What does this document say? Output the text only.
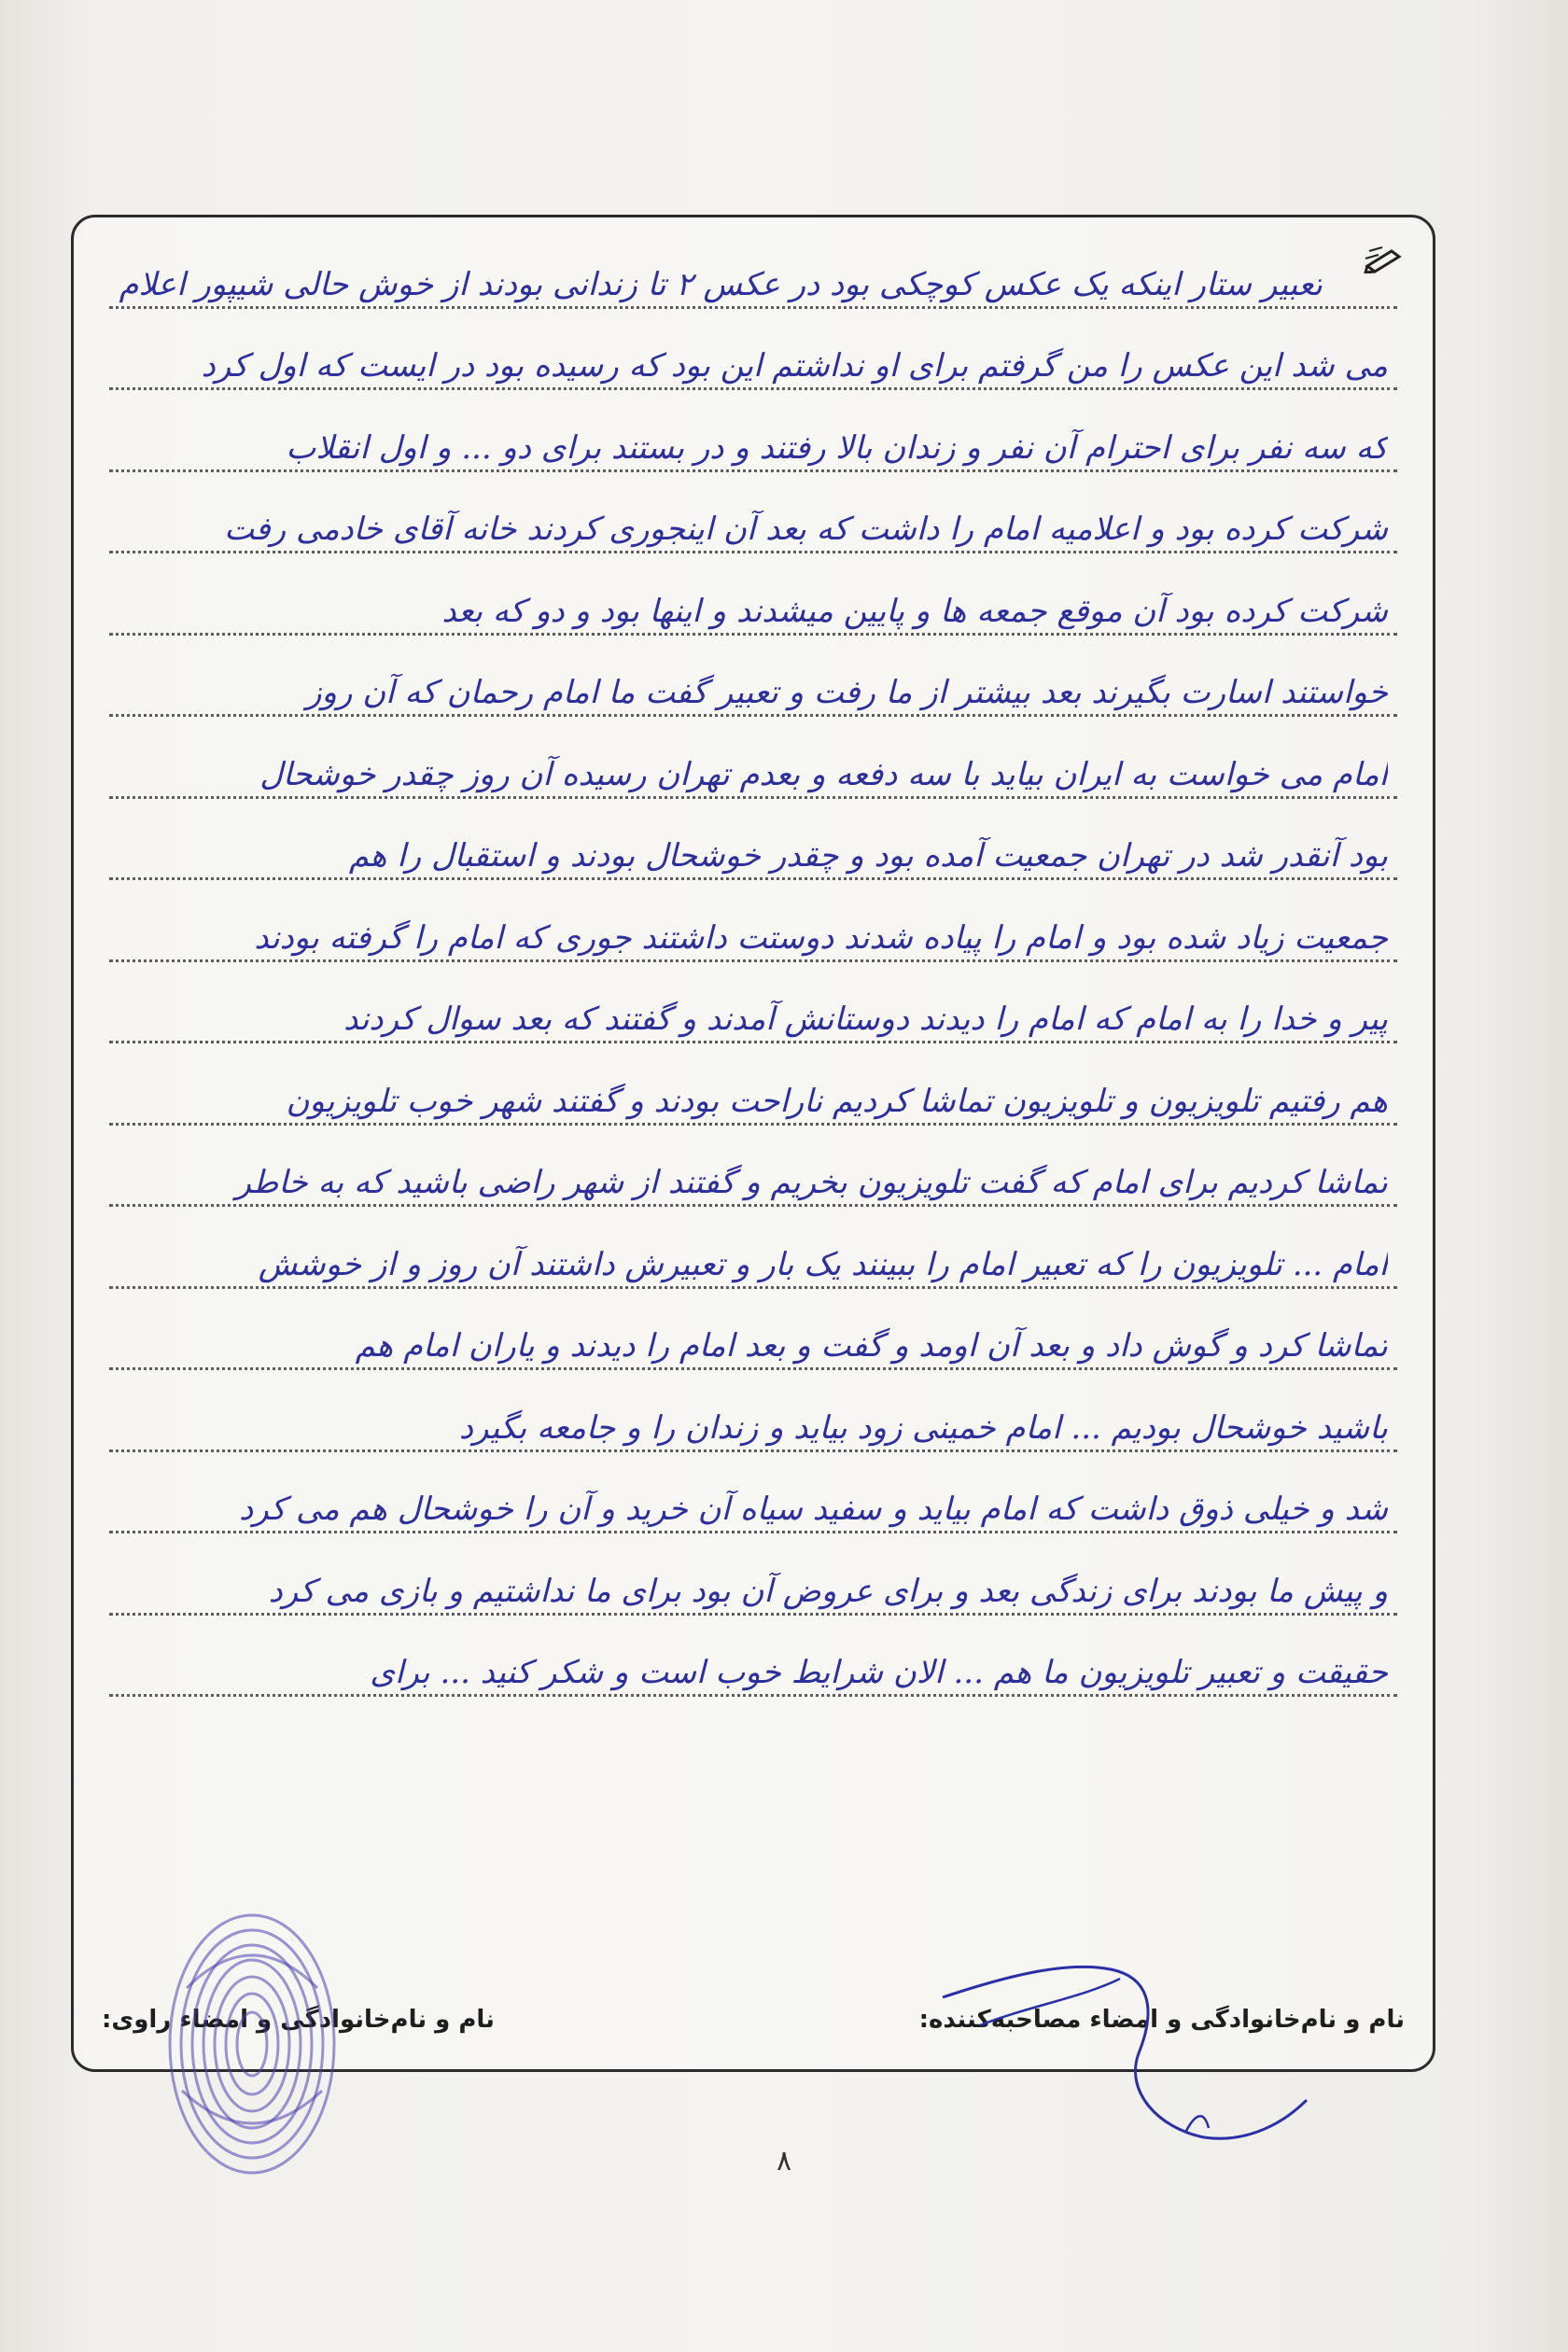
تعبیر ستار اینکه یک عکس کوچکی بود در عکس ۲ تا زندانی بودند از خوش حالی شیپور اعلام
می شد این عکس را من گرفتم برای او نداشتم این بود که رسیده بود در ایست که اول کرد
که سه نفر برای احترام آن نفر و زندان بالا رفتند و در بستند برای دو ... و اول انقلاب
شرکت کرده بود و اعلامیه امام را داشت که بعد آن اینجوری کردند خانه آقای خادمی رفت
شرکت کرده بود آن موقع جمعه ها و پایین میشدند و اینها بود و دو که بعد
خواستند اسارت بگیرند بعد بیشتر از ما رفت و تعبیر گفت ما امام رحمان که آن روز
امام می خواست به ایران بیاید با سه دفعه و بعدم تهران رسیده آن روز چقدر خوشحال
بود آنقدر شد در تهران جمعیت آمده بود و چقدر خوشحال بودند و استقبال را هم
جمعیت زیاد شده بود و امام را پیاده شدند دوستت داشتند جوری که امام را گرفته بودند
پیر و خدا را به امام که امام را دیدند دوستانش آمدند و گفتند که بعد سوال کردند
هم رفتیم تلویزیون و تلویزیون تماشا کردیم ناراحت بودند و گفتند شهر خوب تلویزیون
تماشا کردیم برای امام که گفت تلویزیون بخریم و گفتند از شهر راضی باشید که به خاطر
امام ... تلویزیون را که تعبیر امام را ببینند یک بار و تعبیرش داشتند آن روز و از خوشش
تماشا کرد و گوش داد و بعد آن اومد و گفت و بعد امام را دیدند و یاران امام هم
باشید خوشحال بودیم ... امام خمینی زود بیاید و زندان را و جامعه بگیرد
شد و خیلی ذوق داشت که امام بیاید و سفید سیاه آن خرید و آن را خوشحال هم می کرد
و پیش ما بودند برای زندگی بعد و برای عروض آن بود برای ما نداشتیم و بازی می کرد
حقیقت و تعبیر تلویزیون ما هم ... الان شرایط خوب است و شکر کنید ... برای
نام و نام‌خانوادگی و امضاء مصاحبه‌کننده:
نام و نام‌خانوادگی و امضاء راوی:
۸
